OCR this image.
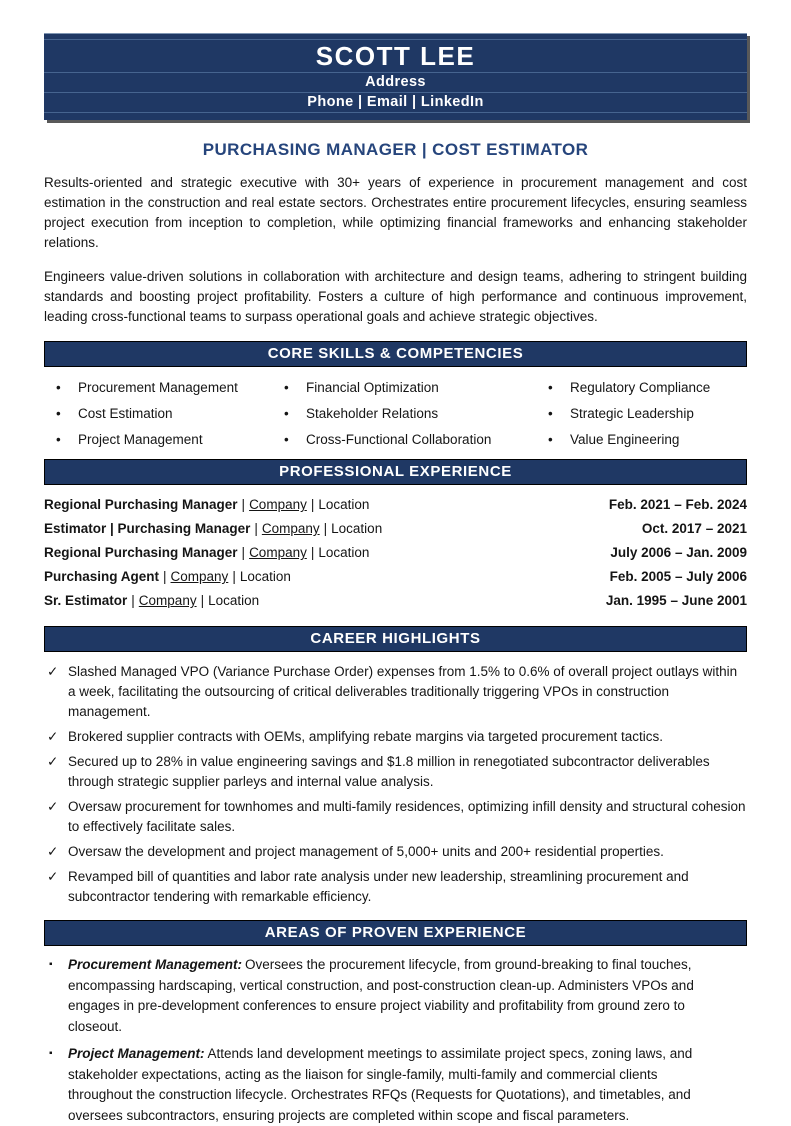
SCOTT LEE
Address
Phone | Email | LinkedIn
PURCHASING MANAGER | COST ESTIMATOR

Results-oriented and strategic executive with 30+ years of experience in procurement management and cost estimation in the construction and real estate sectors. Orchestrates entire procurement lifecycles, ensuring seamless project execution from inception to completion, while optimizing financial frameworks and enhancing stakeholder relations.

Engineers value-driven solutions in collaboration with architecture and design teams, adhering to stringent building standards and boosting project profitability. Fosters a culture of high performance and continuous improvement, leading cross-functional teams to surpass operational goals and achieve strategic objectives.

CORE SKILLS & COMPETENCIES
•	Procurement Management
•	Cost Estimation
•	Project Management
•	Financial Optimization
•	Stakeholder Relations
•	Cross-Functional Collaboration
•	Regulatory Compliance
•	Strategic Leadership
•	Value Engineering
PROFESSIONAL EXPERIENCE
Regional Purchasing Manager | Company | Location	Feb. 2021 – Feb. 2024
Estimator | Purchasing Manager | Company | Location	Oct. 2017 – 2021
Regional Purchasing Manager | Company | Location	July 2006 – Jan. 2009
Purchasing Agent | Company | Location	Feb. 2005 – July 2006
Sr. Estimator | Company | Location	Jan. 1995 – June 2001
CAREER HIGHLIGHTS
✓ Slashed Managed VPO (Variance Purchase Order) expenses from 1.5% to 0.6% of overall project outlays within a week, facilitating the outsourcing of critical deliverables traditionally triggering VPOs in construction management.
✓ Brokered supplier contracts with OEMs, amplifying rebate margins via targeted procurement tactics.
✓ Secured up to 28% in value engineering savings and $1.8 million in renegotiated subcontractor deliverables through strategic supplier parleys and internal value analysis.
✓ Oversaw procurement for townhomes and multi-family residences, optimizing infill density and structural cohesion to effectively facilitate sales.
✓ Oversaw the development and project management of 5,000+ units and 200+ residential properties.
✓ Revamped bill of quantities and labor rate analysis under new leadership, streamlining procurement and subcontractor tendering with remarkable efficiency.
AREAS OF PROVEN EXPERIENCE
▪	Procurement Management: Oversees the procurement lifecycle, from ground-breaking to final touches, encompassing hardscaping, vertical construction, and post-construction clean-up. Administers VPOs and engages in pre-development conferences to ensure project viability and profitability from ground zero to closeout.
▪	Project Management: Attends land development meetings to assimilate project specs, zoning laws, and stakeholder expectations, acting as the liaison for single-family, multi-family and commercial clients throughout the construction lifecycle. Orchestrates RFQs (Requests for Quotations), and timetables, and oversees subcontractors, ensuring projects are completed within scope and fiscal parameters.
